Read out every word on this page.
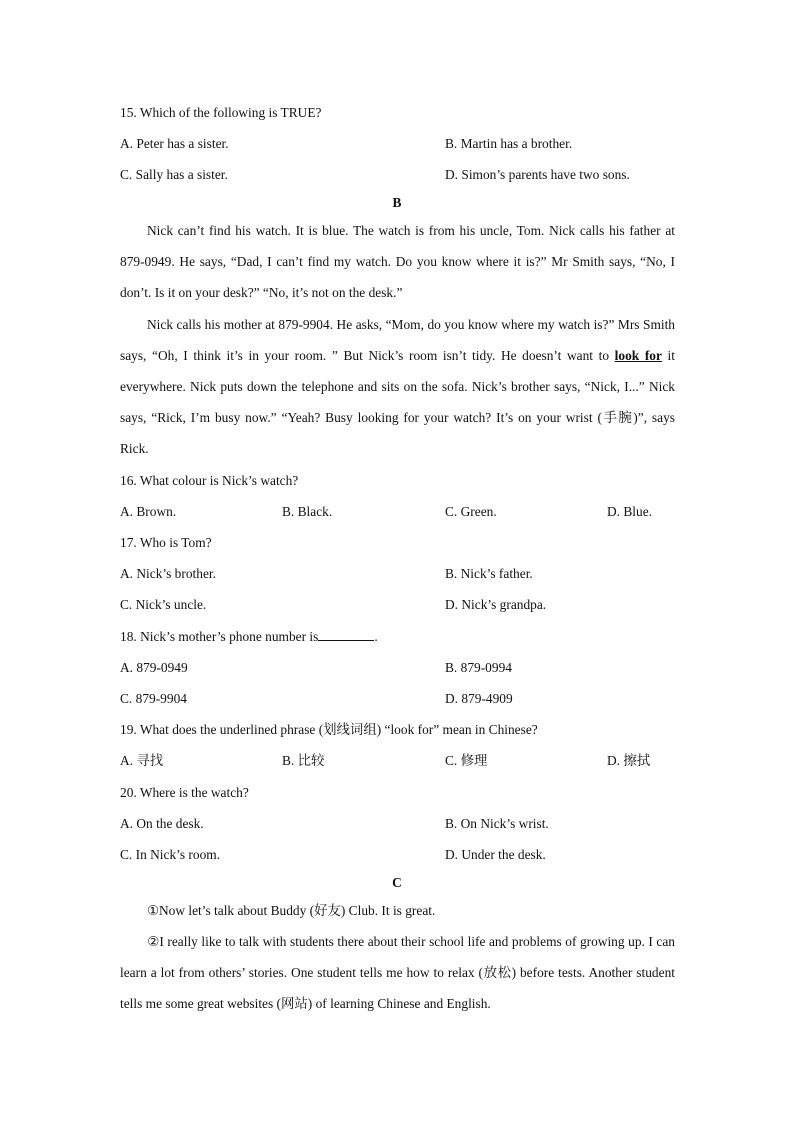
15. Which of the following is TRUE?
A. Peter has a sister.	B. Martin has a brother.
C. Sally has a sister.	D. Simon’s parents have two sons.
B
Nick can’t find his watch. It is blue. The watch is from his uncle, Tom. Nick calls his father at 879-0949. He says, “Dad, I can’t find my watch. Do you know where it is?” Mr Smith says, “No, I don’t. Is it on your desk?” “No, it’s not on the desk.”
Nick calls his mother at 879-9904. He asks, “Mom, do you know where my watch is?” Mrs Smith says, “Oh, I think it’s in your room. ” But Nick’s room isn’t tidy. He doesn’t want to look for it everywhere. Nick puts down the telephone and sits on the sofa. Nick’s brother says, “Nick, I...” Nick says, “Rick, I’m busy now.” “Yeah? Busy looking for your watch? It’s on your wrist (手腕)”, says Rick.
16. What colour is Nick’s watch?
A. Brown.	B. Black.	C. Green.	D. Blue.
17. Who is Tom?
A. Nick’s brother.	B. Nick’s father.
C. Nick’s uncle.	D. Nick’s grandpa.
18. Nick’s mother’s phone number is	.
A. 879-0949	B. 879-0994
C. 879-9904	D. 879-4909
19. What does the underlined phrase (划线词组) “look for” mean in Chinese?
A. 寻找	B. 比较	C. 修理	D. 擦拭
20. Where is the watch?
A. On the desk.	B. On Nick’s wrist.
C. In Nick’s room.	D. Under the desk.
C
①Now let’s talk about Buddy (好友) Club. It is great.
②I really like to talk with students there about their school life and problems of growing up. I can learn a lot from others’ stories. One student tells me how to relax (放松) before tests. Another student tells me some great websites (网站) of learning Chinese and English.
